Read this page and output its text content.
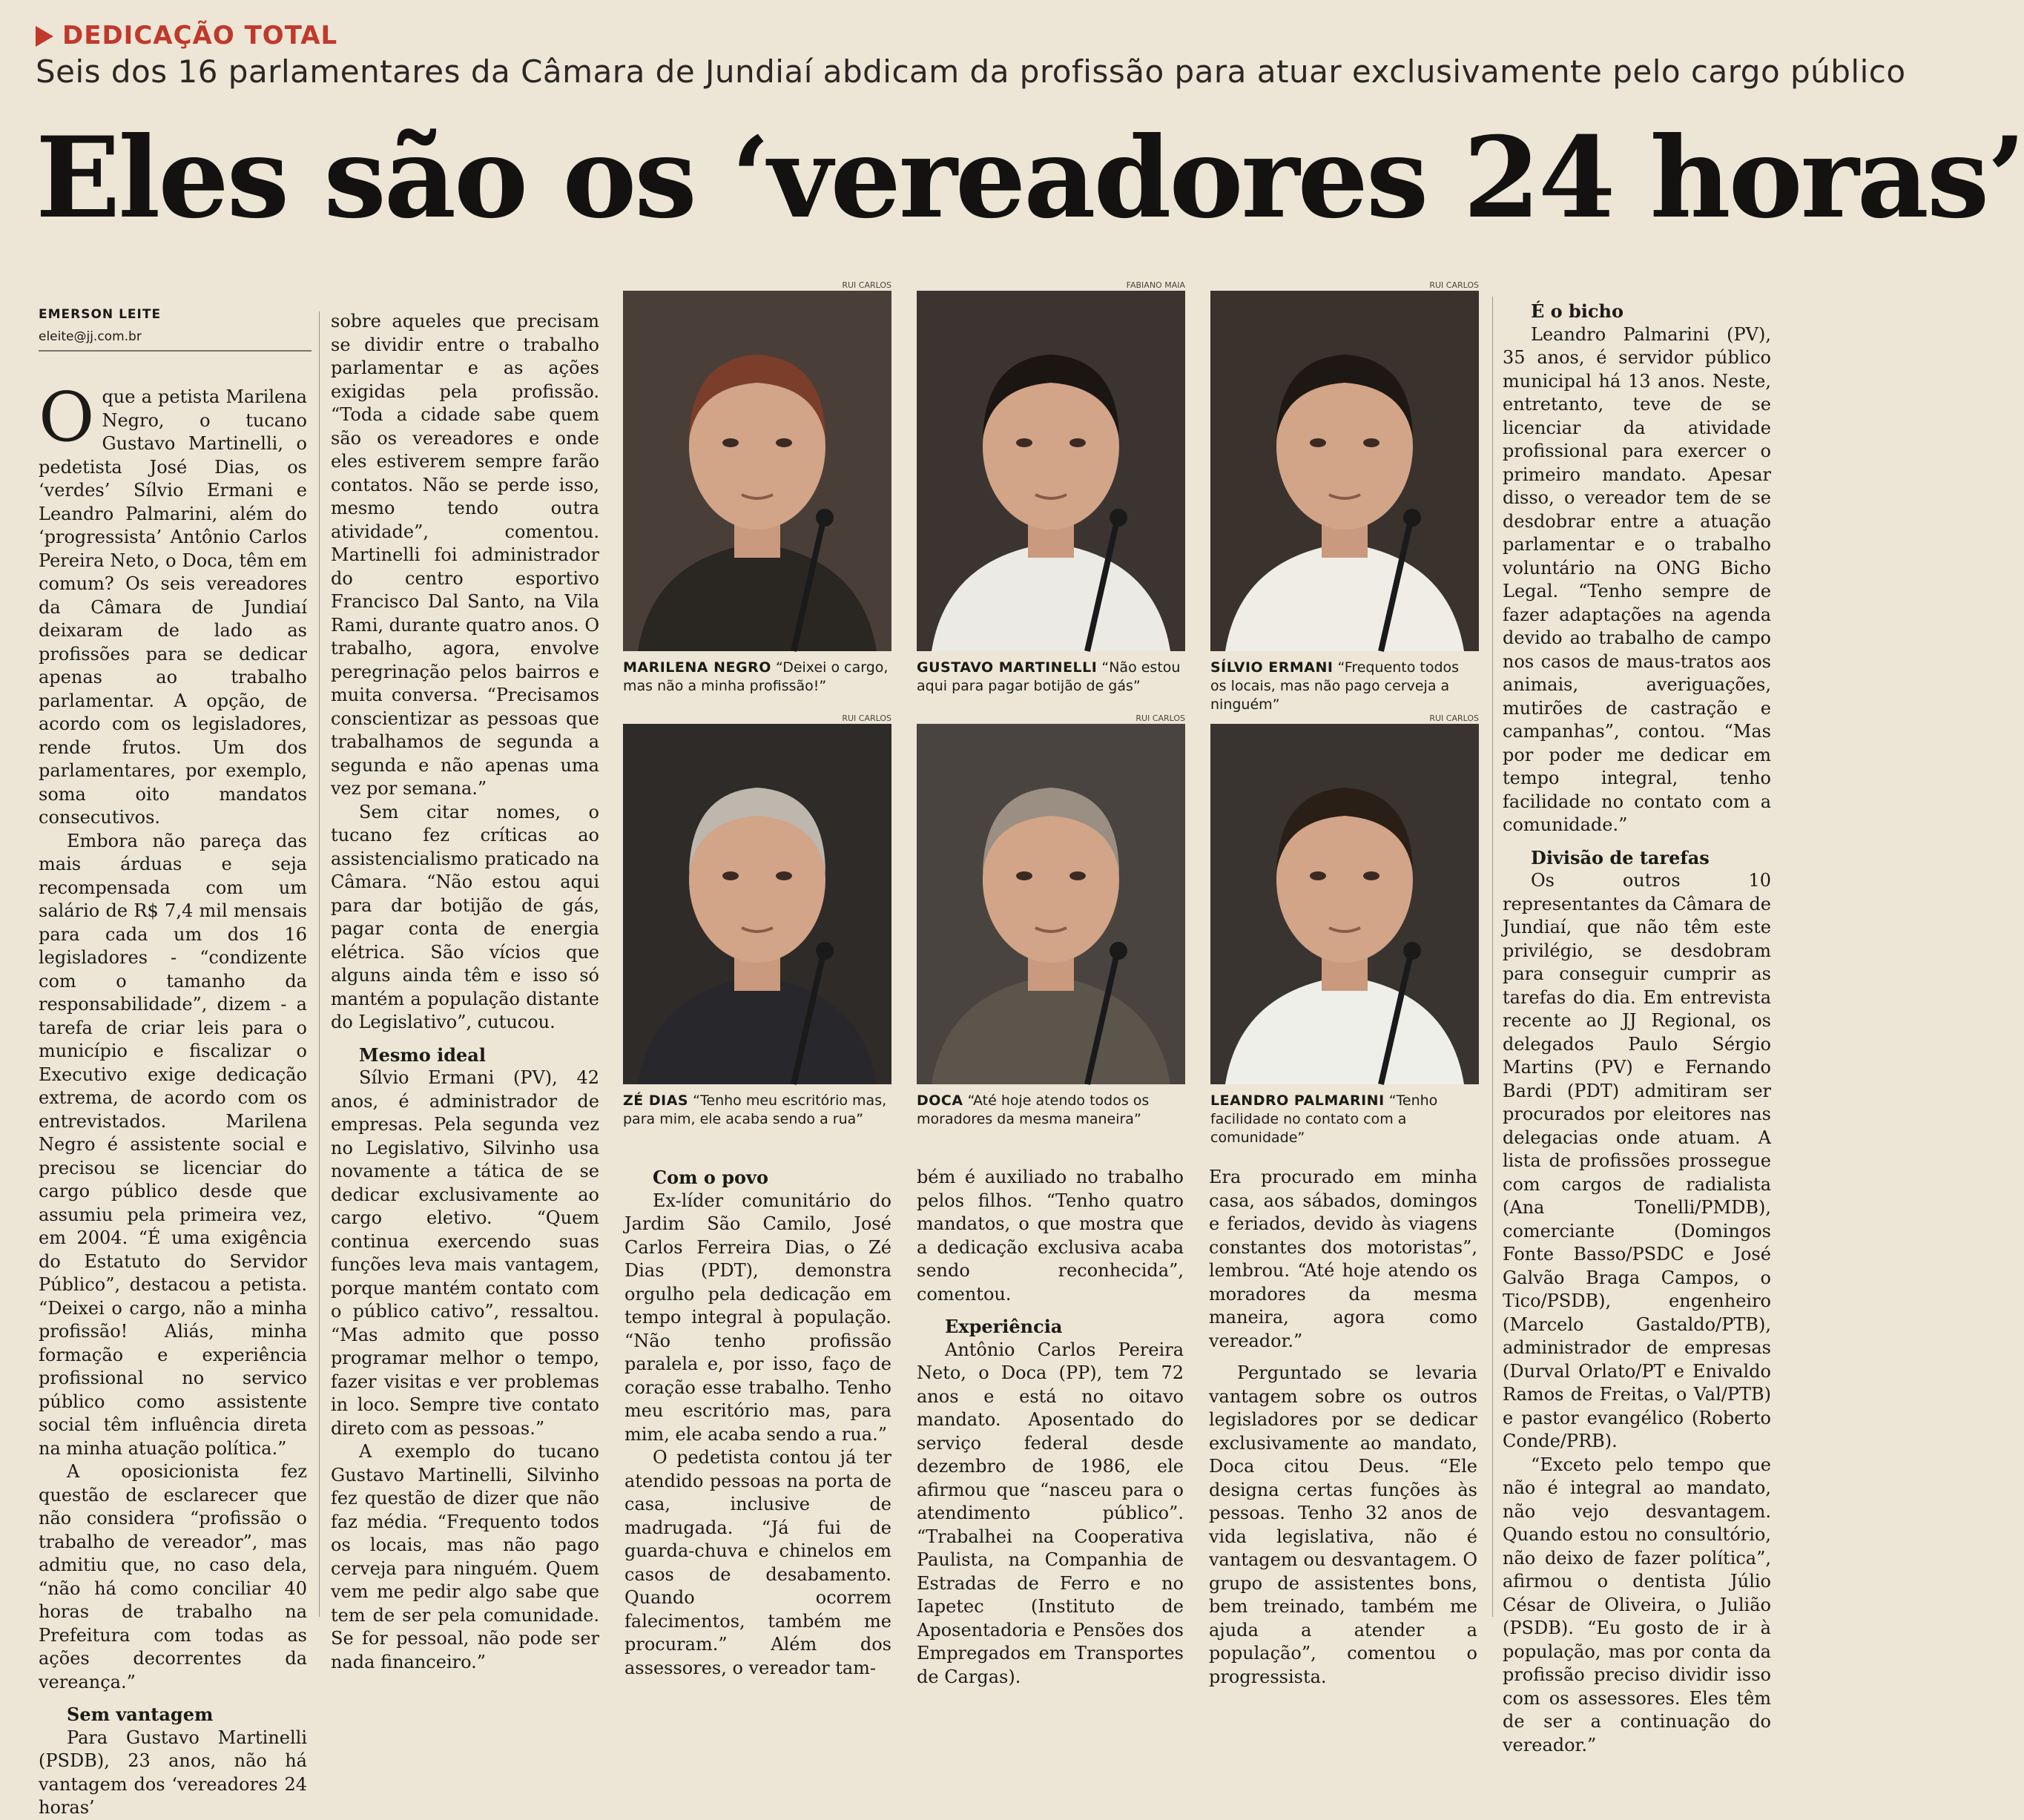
DEDICAÇÃO TOTAL
Seis dos 16 parlamentares da Câmara de Jundiaí abdicam da profissão para atuar exclusivamente pelo cargo público
Eles são os ‘vereadores 24 horas’
EMERSON LEITE
eleite@jj.com.br

Oque a petista Marilena Negro, o tucano Gustavo Martinelli, o pedetista José Dias, os ‘verdes’ Sílvio Ermani e Leandro Palmarini, além do ‘progressista’ Antônio Carlos Pereira Neto, o Doca, têm em comum? Os seis vereadores da Câmara de Jundiaí deixaram de lado as profissões para se dedicar apenas ao trabalho parlamentar. A opção, de acordo com os legisladores, rende frutos. Um dos parlamentares, por exemplo, soma oito mandatos consecutivos.

Embora não pareça das mais árduas e seja recompensada com um salário de R$ 7,4 mil mensais para cada um dos 16 legisladores - “condizente com o tamanho da responsabilidade”, dizem - a tarefa de criar leis para o município e fiscalizar o Executivo exige dedicação extrema, de acordo com os entrevistados. Marilena Negro é assistente social e precisou se licenciar do cargo público desde que assumiu pela primeira vez, em 2004. “É uma exigência do Estatuto do Servidor Público”, destacou a petista. “Deixei o cargo, não a minha profissão! Aliás, minha formação e experiência profissional no servico público como assistente social têm influência direta na minha atuação política.”

A oposicionista fez questão de esclarecer que não considera “profissão o trabalho de vereador”, mas admitiu que, no caso dela, “não há como conciliar 40 horas de trabalho na Prefeitura com todas as ações decorrentes da vereança.”

Sem vantagem

Para Gustavo Martinelli (PSDB), 23 anos, não há vantagem dos ‘vereadores 24 horas’

sobre aqueles que precisam se dividir entre o trabalho parlamentar e as ações exigidas pela profissão. “Toda a cidade sabe quem são os vereadores e onde eles estiverem sempre farão contatos. Não se perde isso, mesmo tendo outra atividade”, comentou. Martinelli foi administrador do centro esportivo Francisco Dal Santo, na Vila Rami, durante quatro anos. O trabalho, agora, envolve peregrinação pelos bairros e muita conversa. “Precisamos conscientizar as pessoas que trabalhamos de segunda a segunda e não apenas uma vez por semana.”

Sem citar nomes, o tucano fez críticas ao assistencialismo praticado na Câmara. “Não estou aqui para dar botijão de gás, pagar conta de energia elétrica. São vícios que alguns ainda têm e isso só mantém a população distante do Legislativo”, cutucou.

Mesmo ideal

Sílvio Ermani (PV), 42 anos, é administrador de empresas. Pela segunda vez no Legislativo, Silvinho usa novamente a tática de se dedicar exclusivamente ao cargo eletivo. “Quem continua exercendo suas funções leva mais vantagem, porque mantém contato com o público cativo”, ressaltou. “Mas admito que posso programar melhor o tempo, fazer visitas e ver problemas in loco. Sempre tive contato direto com as pessoas.”

A exemplo do tucano Gustavo Martinelli, Silvinho fez questão de dizer que não faz média. “Frequento todos os locais, mas não pago cerveja para ninguém. Quem vem me pedir algo sabe que tem de ser pela comunidade. Se for pessoal, não pode ser nada financeiro.”

RUI CARLOS
MARILENA NEGRO “Deixei o cargo, mas não a minha profissão!”
FABIANO MAIA
GUSTAVO MARTINELLI “Não estou aqui para pagar botijão de gás”
RUI CARLOS
SÍLVIO ERMANI “Frequento todos os locais, mas não pago cerveja a ninguém”
RUI CARLOS
ZÉ DIAS “Tenho meu escritório mas, para mim, ele acaba sendo a rua”
RUI CARLOS
DOCA “Até hoje atendo todos os moradores da mesma maneira”
RUI CARLOS
LEANDRO PALMARINI “Tenho facilidade no contato com a comunidade”
Com o povo

Ex-líder comunitário do Jardim São Camilo, José Carlos Ferreira Dias, o Zé Dias (PDT), demonstra orgulho pela dedicação em tempo integral à população. “Não tenho profissão paralela e, por isso, faço de coração esse trabalho. Tenho meu escritório mas, para mim, ele acaba sendo a rua.”

O pedetista contou já ter atendido pessoas na porta de casa, inclusive de madrugada. “Já fui de guarda-chuva e chinelos em casos de desabamento. Quando ocorrem falecimentos, também me procuram.” Além dos assessores, o vereador tam-

bém é auxiliado no trabalho pelos filhos. “Tenho quatro mandatos, o que mostra que a dedicação exclusiva acaba sendo reconhecida”, comentou.

Experiência

Antônio Carlos Pereira Neto, o Doca (PP), tem 72 anos e está no oitavo mandato. Aposentado do serviço federal desde dezembro de 1986, ele afirmou que “nasceu para o atendimento público”. “Trabalhei na Cooperativa Paulista, na Companhia de Estradas de Ferro e no Iapetec (Instituto de Aposentadoria e Pensões dos Empregados em Transportes de Cargas).

Era procurado em minha casa, aos sábados, domingos e feriados, devido às viagens constantes dos motoristas”, lembrou. “Até hoje atendo os moradores da mesma maneira, agora como vereador.”

Perguntado se levaria vantagem sobre os outros legisladores por se dedicar exclusivamente ao mandato, Doca citou Deus. “Ele designa certas funções às pessoas. Tenho 32 anos de vida legislativa, não é vantagem ou desvantagem. O grupo de assistentes bons, bem treinado, também me ajuda a atender a população”, comentou o progressista.

É o bicho

Leandro Palmarini (PV), 35 anos, é servidor público municipal há 13 anos. Neste, entretanto, teve de se licenciar da atividade profissional para exercer o primeiro mandato. Apesar disso, o vereador tem de se desdobrar entre a atuação parlamentar e o trabalho voluntário na ONG Bicho Legal. “Tenho sempre de fazer adaptações na agenda devido ao trabalho de campo nos casos de maus-tratos aos animais, averiguações, mutirões de castração e campanhas”, contou. “Mas por poder me dedicar em tempo integral, tenho facilidade no contato com a comunidade.”

Divisão de tarefas

Os outros 10 representantes da Câmara de Jundiaí, que não têm este privilégio, se desdobram para conseguir cumprir as tarefas do dia. Em entrevista recente ao JJ Regional, os delegados Paulo Sérgio Martins (PV) e Fernando Bardi (PDT) admitiram ser procurados por eleitores nas delegacias onde atuam. A lista de profissões prossegue com cargos de radialista (Ana Tonelli/PMDB), comerciante (Domingos Fonte Basso/PSDC e José Galvão Braga Campos, o Tico/PSDB), engenheiro (Marcelo Gastaldo/PTB), administrador de empresas (Durval Orlato/PT e Enivaldo Ramos de Freitas, o Val/PTB) e pastor evangélico (Roberto Conde/PRB).

“Exceto pelo tempo que não é integral ao mandato, não vejo desvantagem. Quando estou no consultório, não deixo de fazer política”, afirmou o dentista Júlio César de Oliveira, o Julião (PSDB). “Eu gosto de ir à população, mas por conta da profissão preciso dividir isso com os assessores. Eles têm de ser a continuação do vereador.”
